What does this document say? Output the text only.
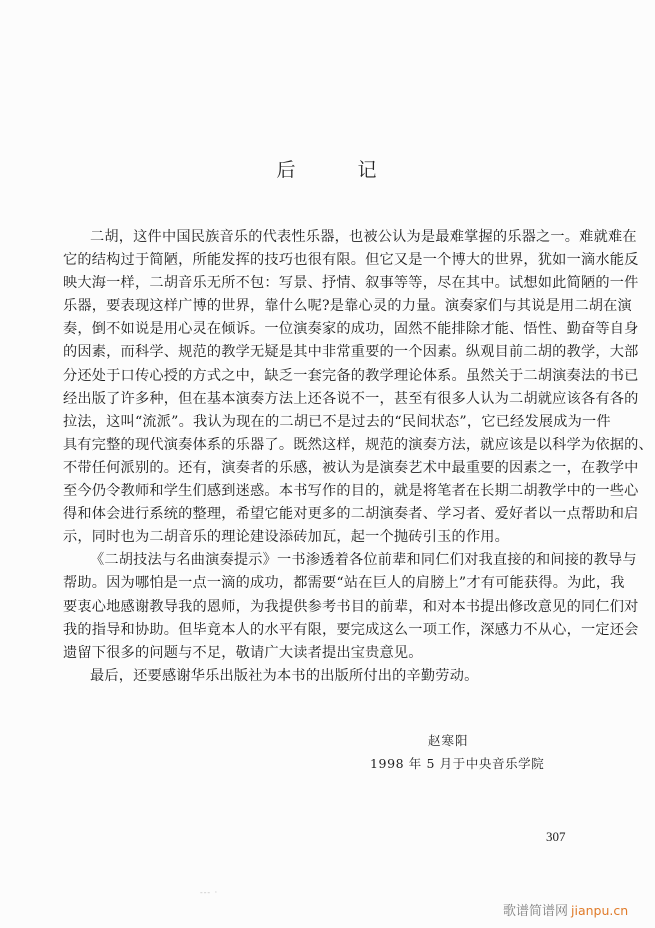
后	记
二胡，这件中国民族音乐的代表性乐器，也被公认为是最难掌握的乐器之一。难就难在
它的结构过于简陋，所能发挥的技巧也很有限。但它又是一个博大的世界，犹如一滴水能反
映大海一样，二胡音乐无所不包：写景、抒情、叙事等等，尽在其中。试想如此简陋的一件
乐器，要表现这样广博的世界，靠什么呢?是靠心灵的力量。演奏家们与其说是用二胡在演
奏，倒不如说是用心灵在倾诉。一位演奏家的成功，固然不能排除才能、悟性、勤奋等自身
的因素，而科学、规范的教学无疑是其中非常重要的一个因素。纵观目前二胡的教学，大部
分还处于口传心授的方式之中，缺乏一套完备的教学理论体系。虽然关于二胡演奏法的书已
经出版了许多种，但在基本演奏方法上还各说不一，甚至有很多人认为二胡就应该各有各的
拉法，这叫“流派”。我认为现在的二胡已不是过去的“民间状态”，它已经发展成为一件
具有完整的现代演奏体系的乐器了。既然这样，规范的演奏方法，就应该是以科学为依据的、
不带任何派别的。还有，演奏者的乐感，被认为是演奏艺术中最重要的因素之一，在教学中
至今仍令教师和学生们感到迷惑。本书写作的目的，就是将笔者在长期二胡教学中的一些心
得和体会进行系统的整理，希望它能对更多的二胡演奏者、学习者、爱好者以一点帮助和启
示，同时也为二胡音乐的理论建设添砖加瓦，起一个抛砖引玉的作用。
《二胡技法与名曲演奏提示》一书渗透着各位前辈和同仁们对我直接的和间接的教导与
帮助。因为哪怕是一点一滴的成功，都需要“站在巨人的肩膀上”才有可能获得。为此，我
要衷心地感谢教导我的恩师，为我提供参考书目的前辈，和对本书提出修改意见的同仁们对
我的指导和协助。但毕竟本人的水平有限，要完成这么一项工作，深感力不从心，一定还会
遗留下很多的问题与不足，敬请广大读者提出宝贵意见。
最后，还要感谢华乐出版社为本书的出版所付出的辛勤劳动。
赵寒阳
1998 年 5 月于中央音乐学院
307
--- ·
歌谱简谱网 jianpu.cn
